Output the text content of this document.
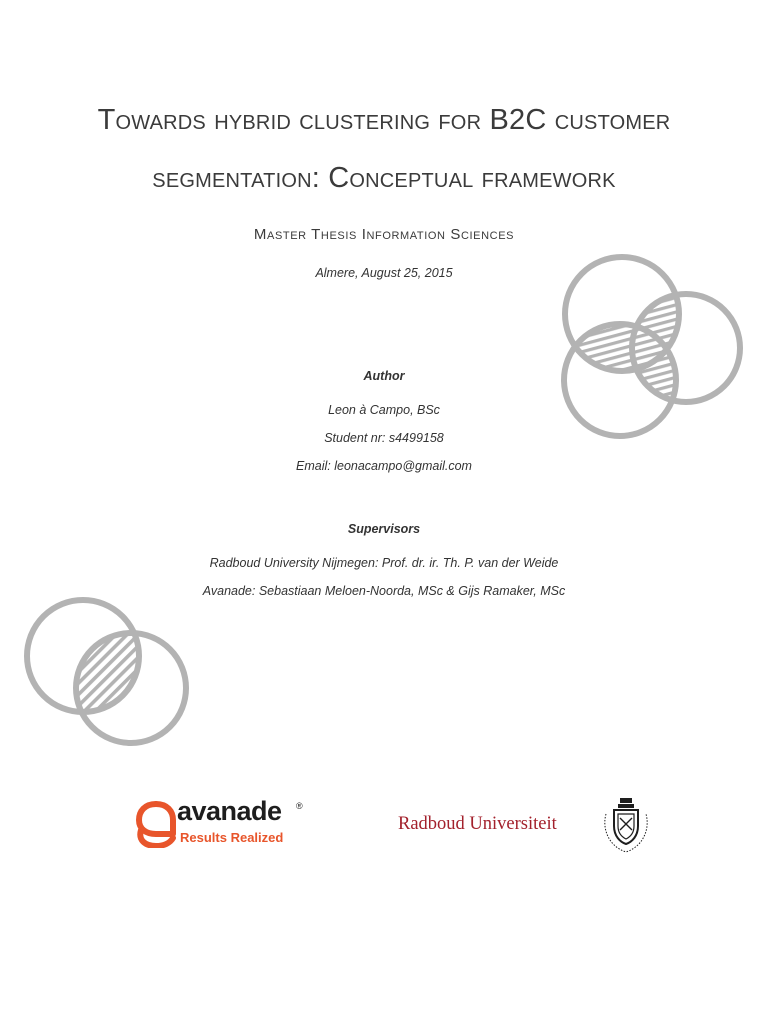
Towards hybrid clustering for B2C customer
segmentation: Conceptual framework
Master Thesis Information Sciences
Almere, August 25, 2015
Author
Leon à Campo, BSc
Student nr: s4499158
Email: leonacampo@gmail.com
Supervisors
Radboud University Nijmegen: Prof. dr. ir. Th. P. van der Weide
Avanade: Sebastiaan Meloen-Noorda, MSc & Gijs Ramaker, MSc
avanade ®
Results Realized
Radboud Universiteit
